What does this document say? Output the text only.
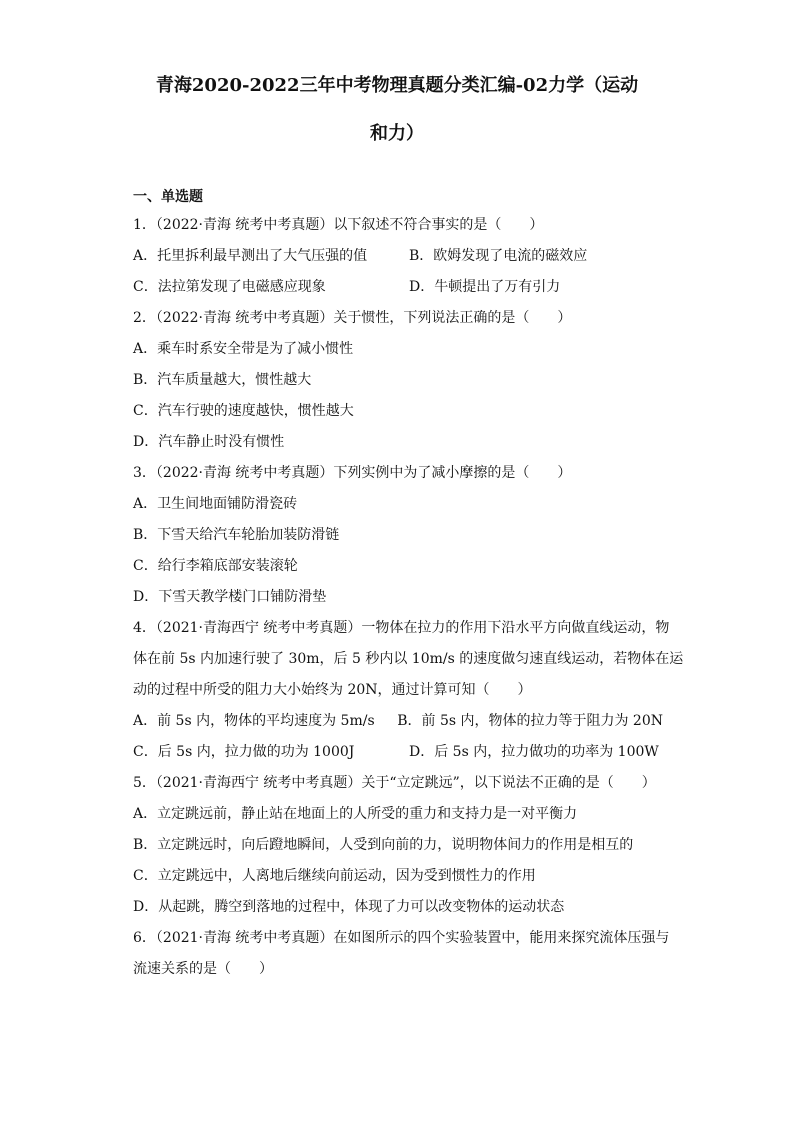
青海2020-2022三年中考物理真题分类汇编-02力学（运动
和力）
一、单选题
1．（2022·青海 统考中考真题）以下叙述不符合事实的是（　　）
A．托里拆利最早测出了大气压强的值	B．欧姆发现了电流的磁效应
C．法拉第发现了电磁感应现象	D．牛顿提出了万有引力
2．（2022·青海 统考中考真题）关于惯性，下列说法正确的是（　　）
A．乘车时系安全带是为了减小惯性
B．汽车质量越大，惯性越大
C．汽车行驶的速度越快，惯性越大
D．汽车静止时没有惯性
3．（2022·青海 统考中考真题）下列实例中为了减小摩擦的是（　　）
A．卫生间地面铺防滑瓷砖
B．下雪天给汽车轮胎加装防滑链
C．给行李箱底部安装滚轮
D．下雪天教学楼门口铺防滑垫
4．（2021·青海西宁 统考中考真题）一物体在拉力的作用下沿水平方向做直线运动，物
体在前 5s 内加速行驶了 30m，后 5 秒内以 10m/s 的速度做匀速直线运动，若物体在运
动的过程中所受的阻力大小始终为 20N，通过计算可知（　　）
A．前 5s 内，物体的平均速度为 5m/s	B．前 5s 内，物体的拉力等于阻力为 20N
C．后 5s 内，拉力做的功为 1000J	D．后 5s 内，拉力做功的功率为 100W
5．（2021·青海西宁 统考中考真题）关于“立定跳远”，以下说法不正确的是（　　）
A．立定跳远前，静止站在地面上的人所受的重力和支持力是一对平衡力
B．立定跳远时，向后蹬地瞬间，人受到向前的力，说明物体间力的作用是相互的
C．立定跳远中，人离地后继续向前运动，因为受到惯性力的作用
D．从起跳，腾空到落地的过程中，体现了力可以改变物体的运动状态
6．（2021·青海 统考中考真题）在如图所示的四个实验装置中，能用来探究流体压强与
流速关系的是（　　）
